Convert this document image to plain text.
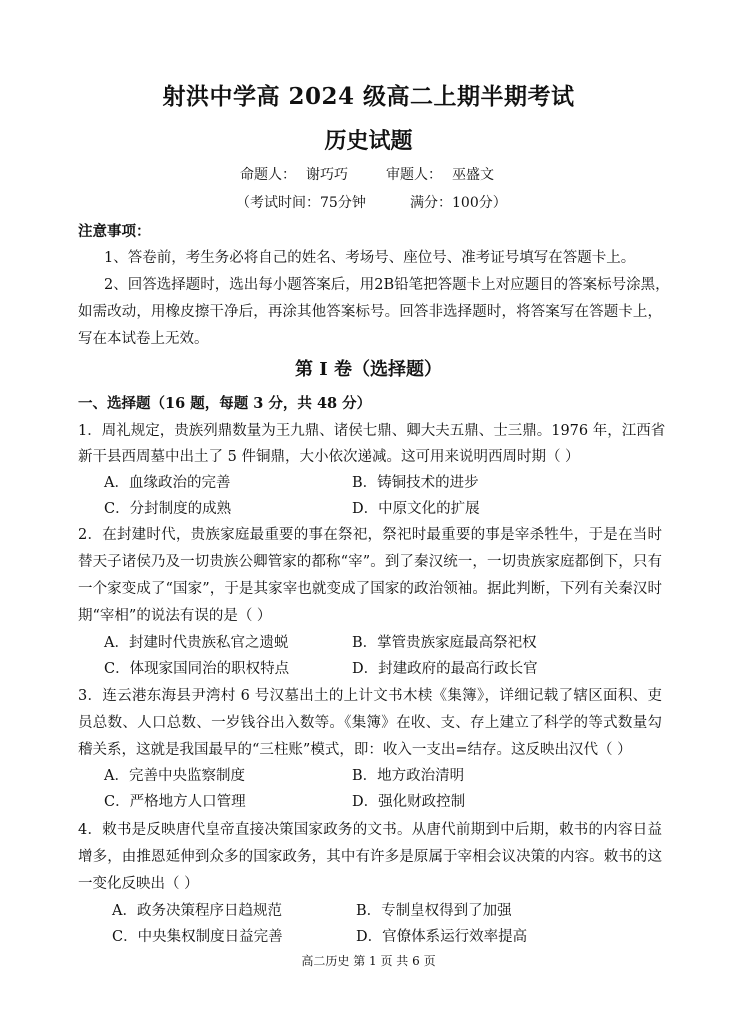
射洪中学高 2024 级高二上期半期考试
历史试题
命题人： 谢巧巧	审题人： 巫盛文
（考试时间：75分钟	满分：100分）
注意事项：
1、答卷前，考生务必将自己的姓名、考场号、座位号、准考证号填写在答题卡上。
2、回答选择题时，选出每小题答案后，用2B铅笔把答题卡上对应题目的答案标号涂黑，
如需改动，用橡皮擦干净后，再涂其他答案标号。回答非选择题时，将答案写在答题卡上，
写在本试卷上无效。
第 I 卷（选择题）
一、选择题（16 题，每题 3 分，共 48 分）
1．周礼规定，贵族列鼎数量为王九鼎、诸侯七鼎、卿大夫五鼎、士三鼎。1976 年，江西省
新干县西周墓中出土了 5 件铜鼎，大小依次递减。这可用来说明西周时期（ ）
A．血缘政治的完善	B．铸铜技术的进步
C．分封制度的成熟	D．中原文化的扩展
2．在封建时代，贵族家庭最重要的事在祭祀，祭祀时最重要的事是宰杀牲牛，于是在当时
替天子诸侯乃及一切贵族公卿管家的都称“宰”。到了秦汉统一，一切贵族家庭都倒下，只有
一个家变成了“国家”，于是其家宰也就变成了国家的政治领袖。据此判断，下列有关秦汉时
期“宰相”的说法有误的是（ ）
A．封建时代贵族私官之遗蜕	B．掌管贵族家庭最高祭祀权
C．体现家国同治的职权特点	D．封建政府的最高行政长官
3．连云港东海县尹湾村 6 号汉墓出土的上计文书木椟《集簿》，详细记载了辖区面积、吏
员总数、人口总数、一岁钱谷出入数等。《集簿》在收、支、存上建立了科学的等式数量勾
稽关系，这就是我国最早的“三柱账”模式，即：收入一支出=结存。这反映出汉代（ ）
A．完善中央监察制度	B．地方政治清明
C．严格地方人口管理	D．强化财政控制
4．敕书是反映唐代皇帝直接决策国家政务的文书。从唐代前期到中后期，敕书的内容日益
增多，由推恩延伸到众多的国家政务，其中有许多是原属于宰相会议决策的内容。敕书的这
一变化反映出（ ）
A．政务决策程序日趋规范	B．专制皇权得到了加强
C．中央集权制度日益完善	D．官僚体系运行效率提高
高二历史 第 1 页 共 6 页
